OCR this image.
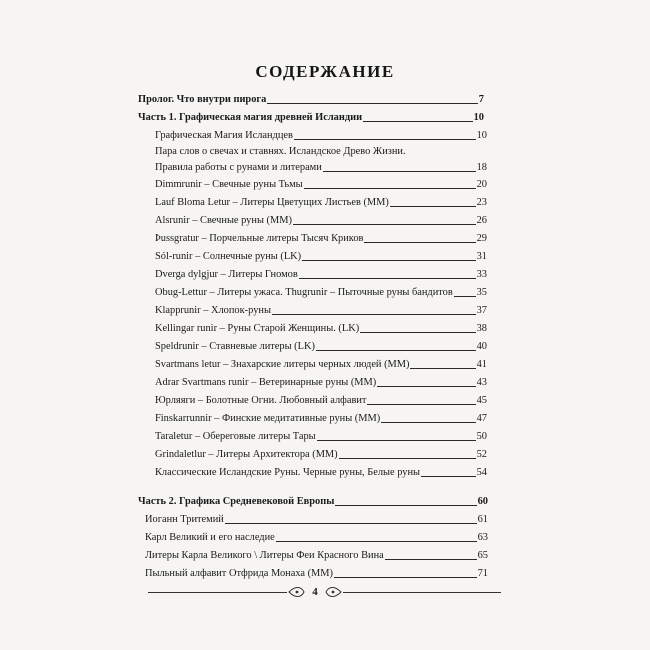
СОДЕРЖАНИЕ
Пролог. Что внутри пирога	7
Часть 1. Графическая магия древней Исландии	10
Графическая Магия Исландцев	10
Пара слов о свечах и ставнях. Исландское Древо Жизни.
Правила работы с рунами и литерами	18
Dimmrunir – Свечные руны Тьмы	20
Lauf Bloma Letur – Литеры Цветущих Листьев (ММ)	23
Alsrunir – Свечные руны (ММ)	26
Þussgratur – Порчельные литеры Тысяч Криков	29
Sól-runir – Солнечные руны (LK)	31
Dverga dylgjur – Литеры Гномов	33
Obug-Lettur – Литеры ужаса. Thugrunir – Пыточные руны бандитов 35
Klapprunir – Хлопок-руны	37
Kellingar runir – Руны Старой Женщины. (LK)	38
Speldrunir – Ставневые литеры (LK)	40
Svartmans letur – Знахарские литеры черных людей (ММ)	41
Adrar Svartmans runir – Ветеринарные руны (ММ)	43
Юрляяги – Болотные Огни. Любовный алфавит	45
Finskarrunnir – Финские медитативные руны (ММ)	47
Taraletur – Обереговые литеры Тары	50
Grindaletlur – Литеры Архитектора (ММ)	52
Классические Исландские Руны. Черные руны, Белые руны	54
Часть 2. Графика Средневековой Европы	60
Иоганн Тритемий	61
Карл Великий и его наследие	63
Литеры Карла Великого \ Литеры Феи Красного Вина	65
Пыльный алфавит Отфрида Монаха (ММ)	71
4
